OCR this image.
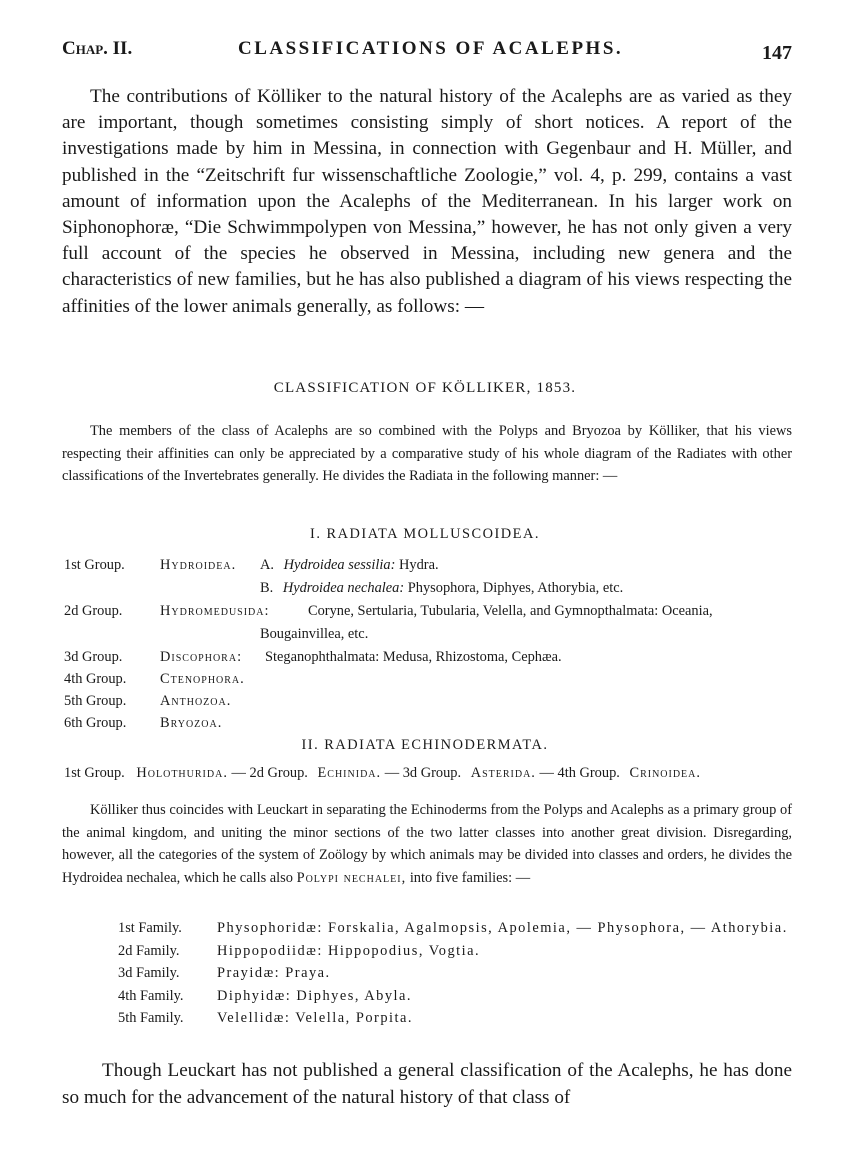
Chap. II.	CLASSIFICATIONS OF ACALEPHS.	147

The contributions of Kölliker to the natural history of the Acalephs are as varied as they are important, though sometimes consisting simply of short notices. A report of the investigations made by him in Messina, in connection with Gegenbaur and H. Müller, and published in the “Zeitschrift fur wissenschaftliche Zoologie,” vol. 4, p. 299, contains a vast amount of information upon the Acalephs of the Mediterranean. In his larger work on Siphonophoræ, “Die Schwimmpolypen von Messina,” however, he has not only given a very full account of the species he observed in Messina, including new genera and the characteristics of new families, but he has also published a diagram of his views respecting the affinities of the lower animals generally, as follows: —

CLASSIFICATION OF KÖLLIKER, 1853.

The members of the class of Acalephs are so combined with the Polyps and Bryozoa by Kölliker, that his views respecting their affinities can only be appreciated by a comparative study of his whole diagram of the Radiates with other classifications of the Invertebrates generally. He divides the Radiata in the following manner: —

I. RADIATA MOLLUSCOIDEA.
1st Group. Hydroidea. A. Hydroidea sessilia: Hydra.
B. Hydroidea nechalea: Physophora, Diphyes, Athorybia, etc.
2d Group.	Hydromedusida:	Coryne, Sertularia, Tubularia, Velella, and Gymnopthalmata: Oceania,
Bougainvillea, etc.
3d Group.	Discophora: Steganophthalmata: Medusa, Rhizostoma, Cephæa.
4th Group. Ctenophora.
5th Group. Anthozoa.
6th Group. Bryozoa.
II. RADIATA ECHINODERMATA.
1st Group. Holothurida. — 2d Group. Echinida. — 3d Group. Asterida. — 4th Group. Crinoidea.

Kölliker thus coincides with Leuckart in separating the Echinoderms from the Polyps and Acalephs as a primary group of the animal kingdom, and uniting the minor sections of the two latter classes into another great division. Disregarding, however, all the categories of the system of Zoölogy by which animals may be divided into classes and orders, he divides the Hydroidea nechalea, which he calls also Polypi nechalei, into five families: —

1st Family. Physophoridæ: Forskalia, Agalmopsis, Apolemia, — Physophora, — Athorybia.
2d Family.	Hippopodiidæ: Hippopodius, Vogtia.
3d Family.	Prayidæ: Praya.
4th Family. Diphyidæ: Diphyes, Abyla.
5th Family. Velellidæ: Velella, Porpita.

Though Leuckart has not published a general classification of the Acalephs, he has done so much for the advancement of the natural history of that class of
